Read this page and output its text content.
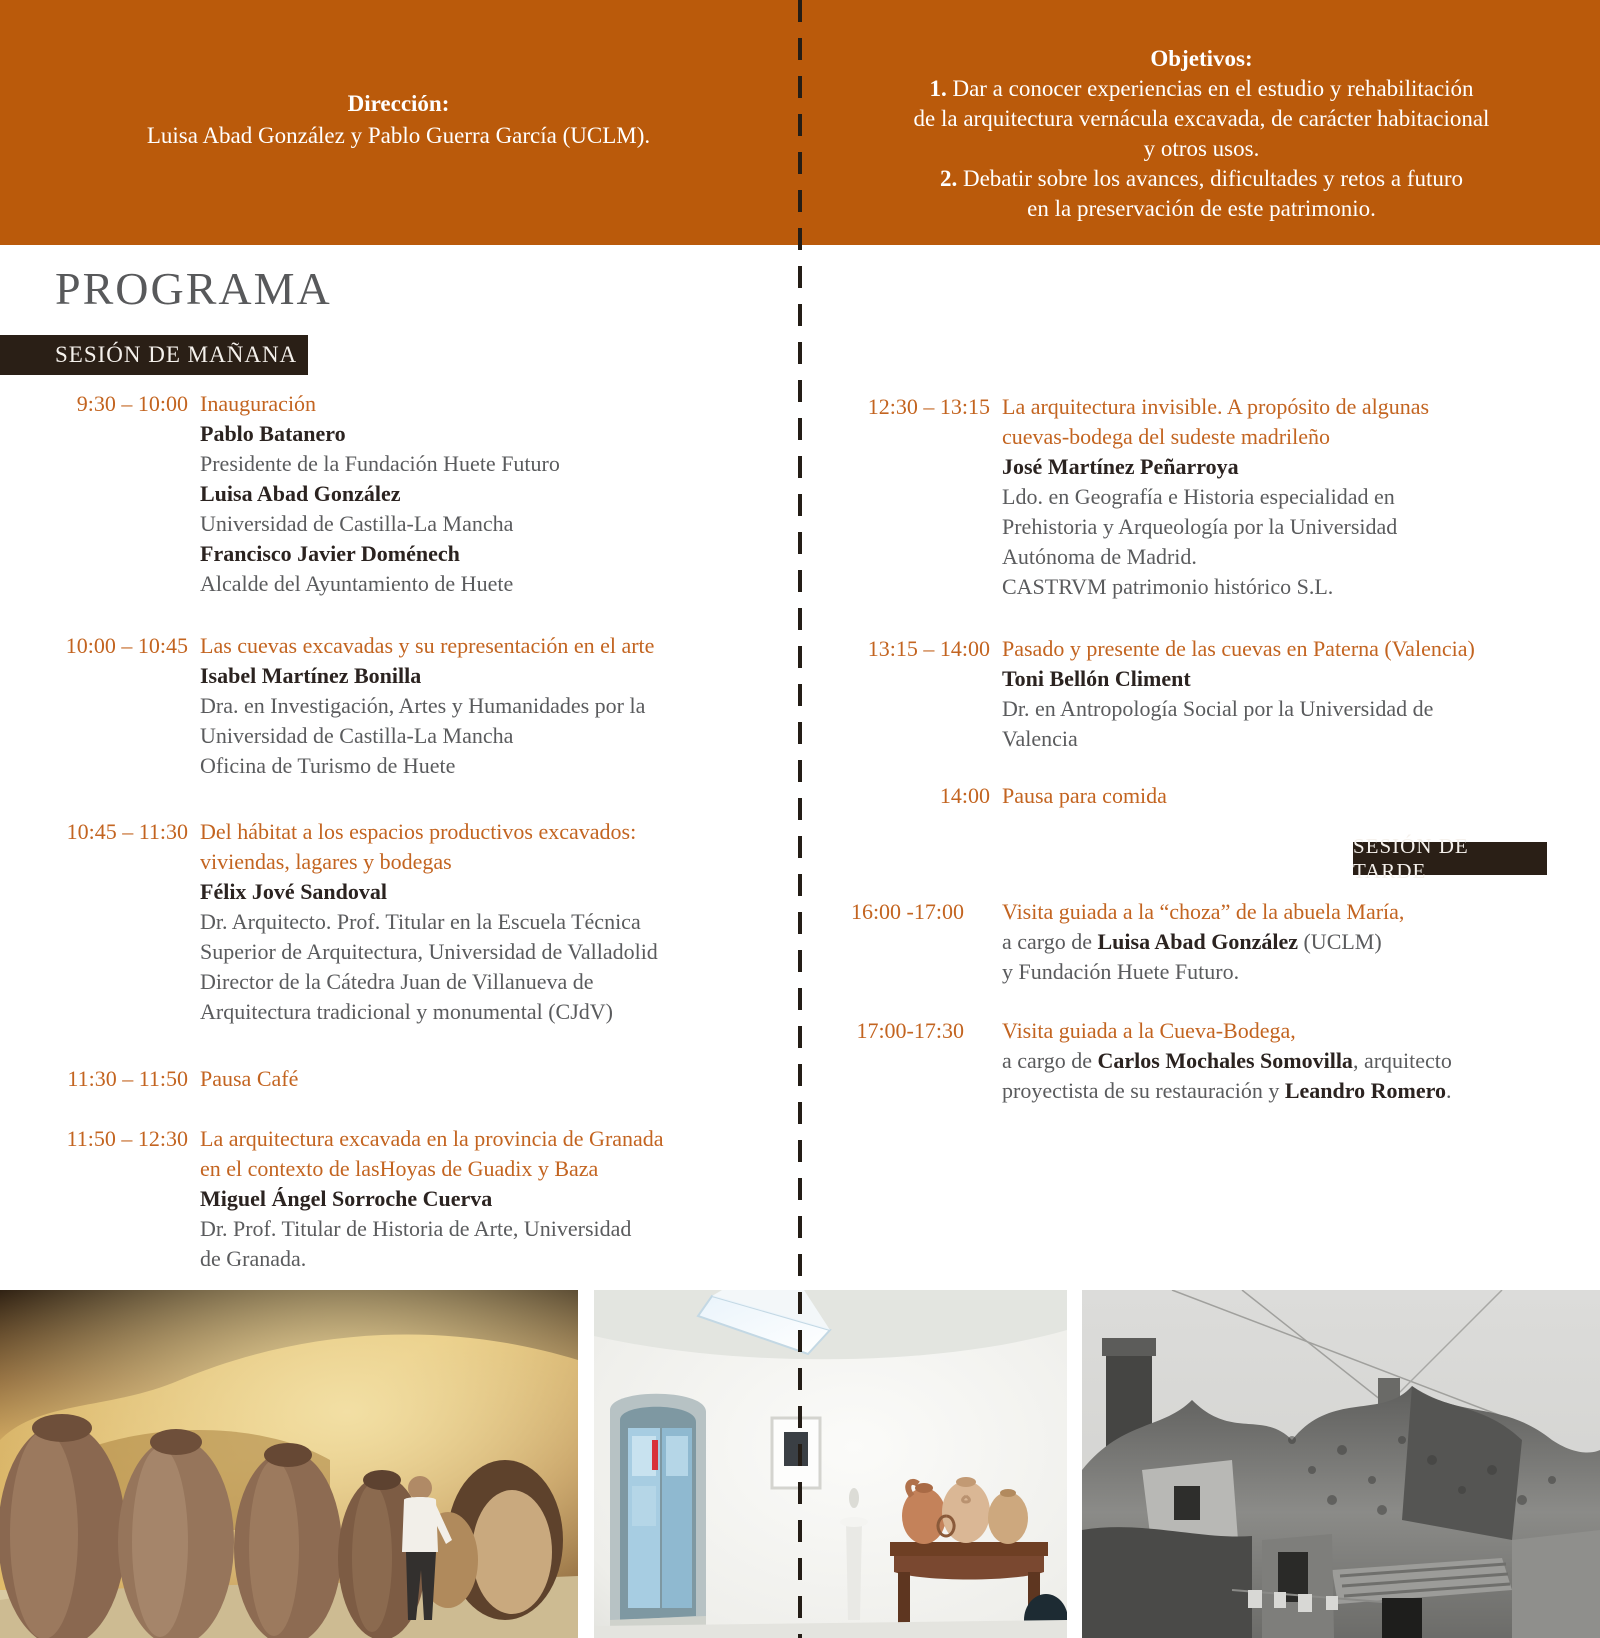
Dirección:
Luisa Abad González y Pablo Guerra García (UCLM).
Objetivos:
1. Dar a conocer experiencias en el estudio y rehabilitación
de la arquitectura vernácula excavada, de carácter habitacional
y otros usos.
2. Debatir sobre los avances, dificultades y retos a futuro
en la preservación de este patrimonio.
PROGRAMA
SESIÓN DE MAÑANA
SESIÓN DE TARDE
9:30 – 10:00 Inauguración
Pablo Batanero
Presidente de la Fundación Huete Futuro
Luisa Abad González
Universidad de Castilla-La Mancha
Francisco Javier Doménech
Alcalde del Ayuntamiento de Huete
10:00 – 10:45 Las cuevas excavadas y su representación en el arte
Isabel Martínez Bonilla
Dra. en Investigación, Artes y Humanidades por la
Universidad de Castilla-La Mancha
Oficina de Turismo de Huete
10:45 – 11:30 Del hábitat a los espacios productivos excavados:
viviendas, lagares y bodegas
Félix Jové Sandoval
Dr. Arquitecto. Prof. Titular en la Escuela Técnica
Superior de Arquitectura, Universidad de Valladolid
Director de la Cátedra Juan de Villanueva de
Arquitectura tradicional y monumental (CJdV)
11:30 – 11:50 Pausa Café
11:50 – 12:30 La arquitectura excavada en la provincia de Granada
en el contexto de lasHoyas de Guadix y Baza
Miguel Ángel Sorroche Cuerva
Dr. Prof. Titular de Historia de Arte, Universidad
de Granada.
12:30 – 13:15 La arquitectura invisible. A propósito de algunas
cuevas-bodega del sudeste madrileño
José Martínez Peñarroya
Ldo. en Geografía e Historia especialidad en
Prehistoria y Arqueología por la Universidad
Autónoma de Madrid.
CASTRVM patrimonio histórico S.L.
13:15 – 14:00 Pasado y presente de las cuevas en Paterna (Valencia)
Toni Bellón Climent
Dr. en Antropología Social por la Universidad de
Valencia
14:00 Pausa para comida
16:00 -17:00	Visita guiada a la “choza” de la abuela María,
a cargo de Luisa Abad González (UCLM)
y Fundación Huete Futuro.
17:00-17:30	Visita guiada a la Cueva-Bodega,
a cargo de Carlos Mochales Somovilla, arquitecto
proyectista de su restauración y Leandro Romero.
